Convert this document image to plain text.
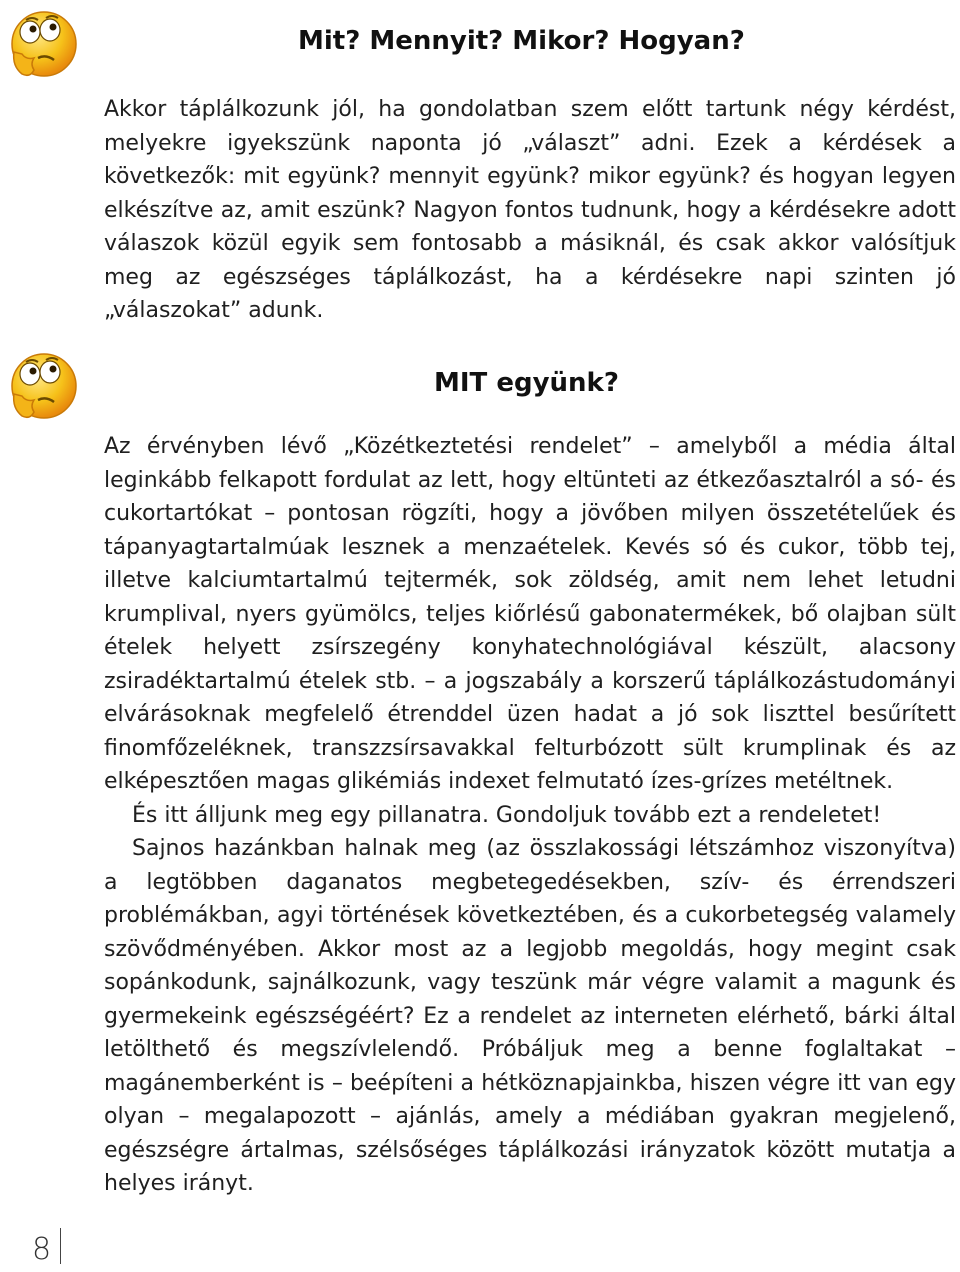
Mit? Mennyit? Mikor? Hogyan?

Akkor táplálkozunk jól, ha gondolatban szem előtt tartunk négy kérdést, melyekre igyekszünk naponta jó „választ” adni. Ezek a kérdések a következők: mit együnk? mennyit együnk? mikor együnk? és hogyan legyen elkészítve az, amit eszünk? Nagyon fontos tudnunk, hogy a kérdésekre adott válaszok közül egyik sem fontosabb a másiknál, és csak akkor valósítjuk meg az egészséges táplálkozást, ha a kérdésekre napi szinten jó „válaszokat” adunk.

MIT együnk?
Az érvényben lévő „Közétkeztetési rendelet” – amelyből a média által leginkább felkapott fordulat az lett, hogy eltünteti az étkezőasztalról a só- és cukortartókat – pontosan rögzíti, hogy a jövőben milyen összetételűek és tápanyagtartalmúak lesznek a menzaételek. Kevés só és cukor, több tej, illetve kalciumtartalmú tejtermék, sok zöldség, amit nem lehet letudni krumplival, nyers gyümölcs, teljes kiőrlésű gabonatermékek, bő olajban sült ételek helyett zsírszegény konyhatechnológiával készült, alacsony zsiradéktartalmú ételek stb. – a jogszabály a korszerű táplálkozástudományi elvárásoknak megfelelő étrenddel üzen hadat a jó sok liszttel besűrített finomfőzeléknek, transzzsírsavakkal felturbózott sült krumplinak és az elképesztően magas glikémiás indexet felmutató ízes-grízes metéltnek.
És itt álljunk meg egy pillanatra. Gondoljuk tovább ezt a rendeletet!
Sajnos hazánkban halnak meg (az összlakossági létszámhoz viszonyítva) a legtöbben daganatos megbetegedésekben, szív- és érrendszeri problémákban, agyi történések következtében, és a cukorbetegség valamely szövődményében. Akkor most az a legjobb megoldás, hogy megint csak sopánkodunk, sajnálkozunk, vagy teszünk már végre valamit a magunk és gyermekeink egészségéért? Ez a rendelet az interneten elérhető, bárki által letölthető és megszívlelendő. Próbáljuk meg a benne foglaltakat – magánemberként is – beépíteni a hétköznapjainkba, hiszen végre itt van egy olyan – megalapozott – ajánlás, amely a médiában gyakran megjelenő, egészségre ártalmas, szélsőséges táplálkozási irányzatok között mutatja a helyes irányt.
8
